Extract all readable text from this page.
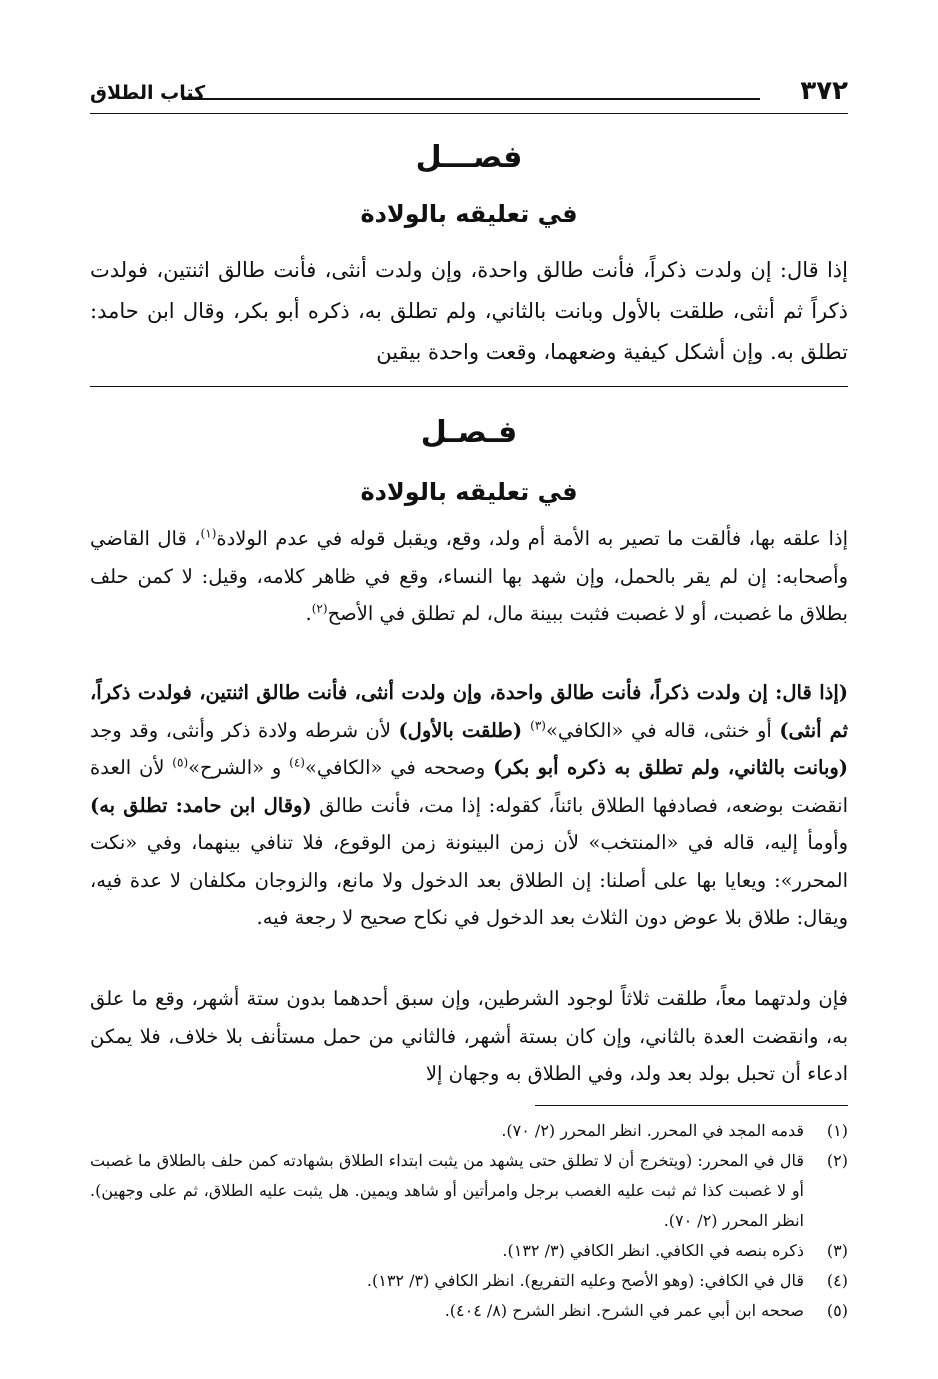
٣٧٢
كتاب الطلاق
فصـــل
في تعليقه بالولادة
إذا قال: إن ولدت ذكراً، فأنت طالق واحدة، وإن ولدت أنثى، فأنت طالق اثنتين، فولدت ذكراً ثم أنثى، طلقت بالأول وبانت بالثاني، ولم تطلق به، ذكره أبو بكر، وقال ابن حامد: تطلق به. وإن أشكل كيفية وضعهما، وقعت واحدة بيقين
فـصـل
في تعليقه بالولادة
إذا علقه بها، فألقت ما تصير به الأمة أم ولد، وقع، ويقبل قوله في عدم الولادة$^{(١)}$، قال القاضي وأصحابه: إن لم يقر بالحمل، وإن شهد بها النساء، وقع في ظاهر كلامه، وقيل: لا كمن حلف بطلاق ما غصبت، أو لا غصبت فثبت ببينة مال، لم تطلق في الأصح$^{(٢)}$.
(إذا قال: إن ولدت ذكراً، فأنت طالق واحدة، وإن ولدت أنثى، فأنت طالق اثنتين، فولدت ذكراً، ثم أنثى) أو خنثى، قاله في «الكافي»$^{(٣)}$ (طلقت بالأول) لأن شرطه ولادة ذكر وأنثى، وقد وجد (وبانت بالثاني، ولم تطلق به ذكره أبو بكر) وصححه في «الكافي»$^{(٤)}$ و «الشرح»$^{(٥)}$ لأن العدة انقضت بوضعه، فصادفها الطلاق بائناً، كقوله: إذا مت، فأنت طالق (وقال ابن حامد: تطلق به) وأومأ إليه، قاله في «المنتخب» لأن زمن البينونة زمن الوقوع، فلا تنافي بينهما، وفي «نكت المحرر»: ويعايا بها على أصلنا: إن الطلاق بعد الدخول ولا مانع، والزوجان مكلفان لا عدة فيه، ويقال: طلاق بلا عوض دون الثلاث بعد الدخول في نكاح صحيح لا رجعة فيه.
فإن ولدتهما معاً، طلقت ثلاثاً لوجود الشرطين، وإن سبق أحدهما بدون ستة أشهر، وقع ما علق به، وانقضت العدة بالثاني، وإن كان بستة أشهر، فالثاني من حمل مستأنف بلا خلاف، فلا يمكن ادعاء أن تحبل بولد بعد ولد، وفي الطلاق به وجهان إلا
(١)
قدمه المجد في المحرر. انظر المحرر (٢/ ٧٠).
(٢)
قال في المحرر: (ويتخرج أن لا تطلق حتى يشهد من يثبت ابتداء الطلاق بشهادته كمن حلف بالطلاق ما غصبت أو لا غصبت كذا ثم ثبت عليه الغصب برجل وامرأتين أو شاهد ويمين. هل يثبت عليه الطلاق، ثم على وجهين). انظر المحرر (٢/ ٧٠).
(٣)
ذكره بنصه في الكافي. انظر الكافي (٣/ ١٣٢).
(٤)
قال في الكافي: (وهو الأصح وعليه التفريع). انظر الكافي (٣/ ١٣٢).
(٥)
صححه ابن أبي عمر في الشرح. انظر الشرح (٨/ ٤٠٤).
